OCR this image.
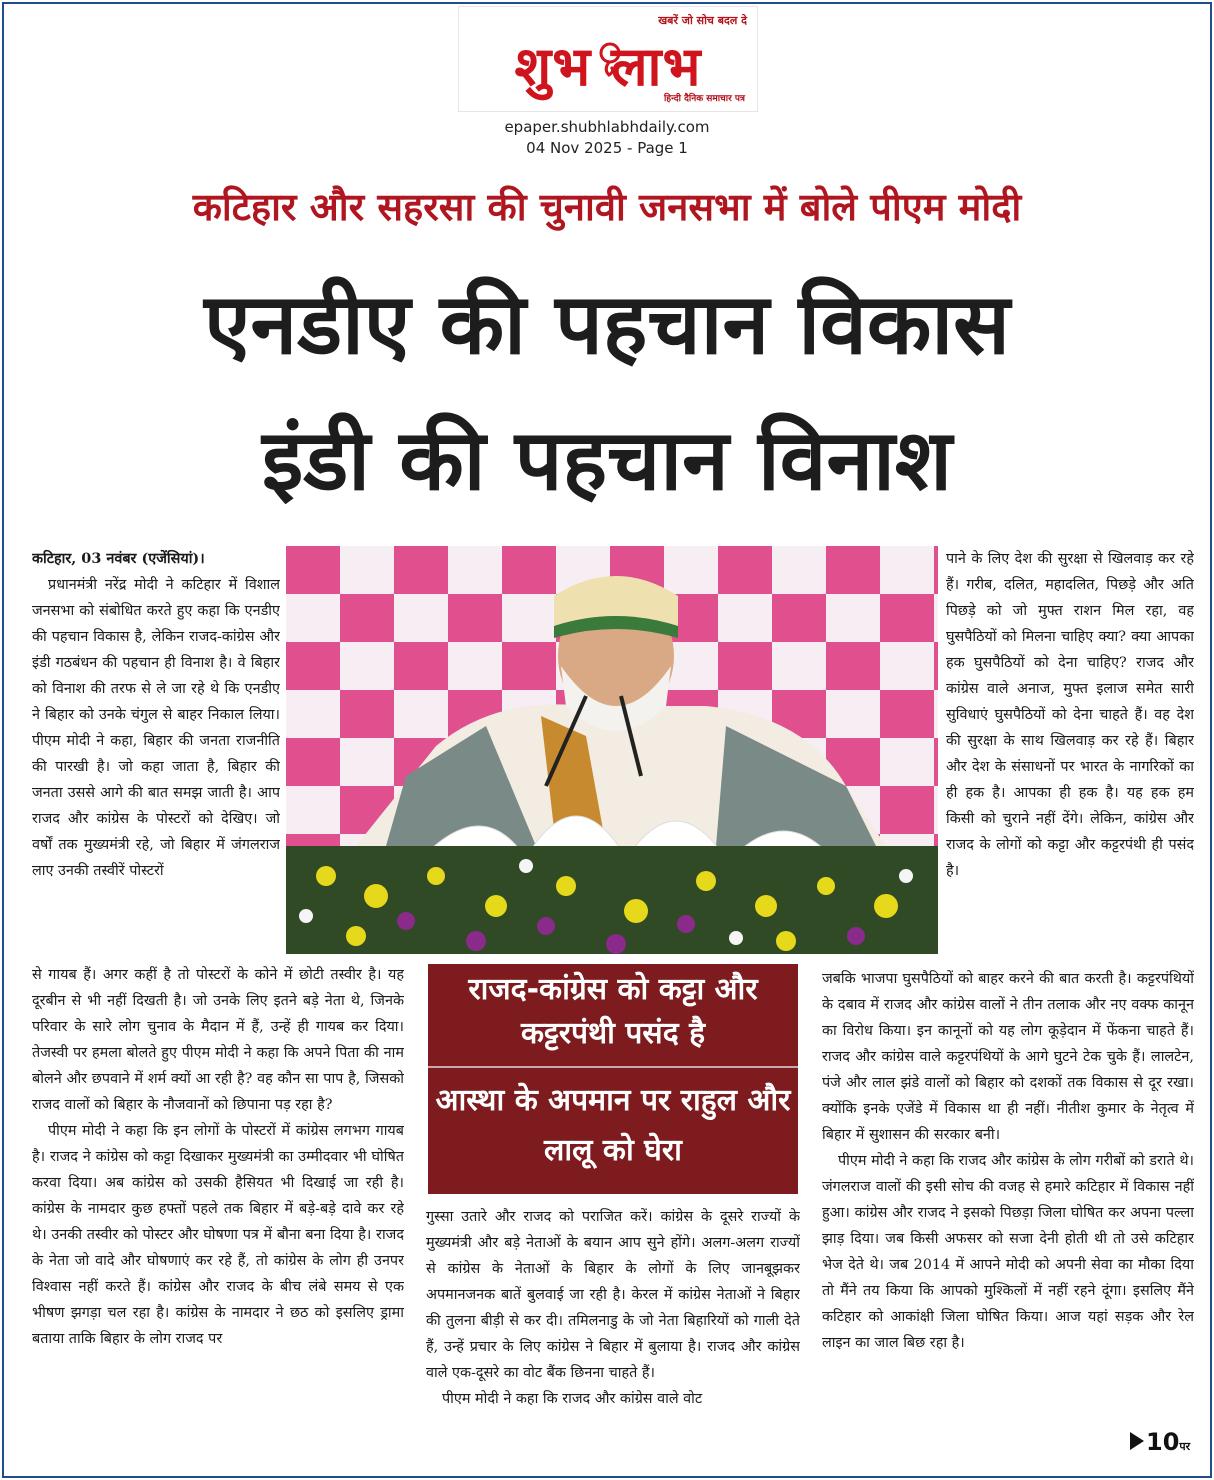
खबरें जो सोच बदल दे
शुभ लाभ
हिन्दी दैनिक समाचार पत्र
epaper.shubhlabhdaily.com
04 Nov 2025 - Page 1
कटिहार और सहरसा की चुनावी जनसभा में बोले पीएम मोदी
एनडीए की पहचान विकास
इंडी की पहचान विनाश

कटिहार, 03 नवंबर (एजेंसियां)।

प्रधानमंत्री नरेंद्र मोदी ने कटिहार में विशाल जनसभा को संबोधित करते हुए कहा कि एनडीए की पहचान विकास है, लेकिन राजद-कांग्रेस और इंडी गठबंधन की पहचान ही विनाश है। वे बिहार को विनाश की तरफ से ले जा रहे थे कि एनडीए ने बिहार को उनके चंगुल से बाहर निकाल लिया। पीएम मोदी ने कहा, बिहार की जनता राजनीति की पारखी है। जो कहा जाता है, बिहार की जनता उससे आगे की बात समझ जाती है। आप राजद और कांग्रेस के पोस्टरों को देखिए। जो वर्षों तक मुख्यमंत्री रहे, जो बिहार में जंगलराज लाए उनकी तस्वीरें पोस्टरों

पाने के लिए देश की सुरक्षा से खिलवाड़ कर रहे हैं। गरीब, दलित, महादलित, पिछड़े और अति पिछड़े को जो मुफ्त राशन मिल रहा, वह घुसपैठियों को मिलना चाहिए क्या? क्या आपका हक घुसपैठियों को देना चाहिए? राजद और कांग्रेस वाले अनाज, मुफ्त इलाज समेत सारी सुविधाएं घुसपैठियों को देना चाहते हैं। वह देश की सुरक्षा के साथ खिलवाड़ कर रहे हैं। बिहार और देश के संसाधनों पर भारत के नागरिकों का ही हक है। आपका ही हक है। यह हक हम किसी को चुराने नहीं देंगे। लेकिन, कांग्रेस और राजद के लोगों को कट्टा और कट्टरपंथी ही पसंद है।

से गायब हैं। अगर कहीं है तो पोस्टरों के कोने में छोटी तस्वीर है। यह दूरबीन से भी नहीं दिखती है। जो उनके लिए इतने बड़े नेता थे, जिनके परिवार के सारे लोग चुनाव के मैदान में हैं, उन्हें ही गायब कर दिया। तेजस्वी पर हमला बोलते हुए पीएम मोदी ने कहा कि अपने पिता की नाम बोलने और छपवाने में शर्म क्यों आ रही है? वह कौन सा पाप है, जिसको राजद वालों को बिहार के नौजवानों को छिपाना पड़ रहा है?

पीएम मोदी ने कहा कि इन लोगों के पोस्टरों में कांग्रेस लगभग गायब है। राजद ने कांग्रेस को कट्टा दिखाकर मुख्यमंत्री का उम्मीदवार भी घोषित करवा दिया। अब कांग्रेस को उसकी हैसियत भी दिखाई जा रही है। कांग्रेस के नामदार कुछ हफ्तों पहले तक बिहार में बड़े-बड़े दावे कर रहे थे। उनकी तस्वीर को पोस्टर और घोषणा पत्र में बौना बना दिया है। राजद के नेता जो वादे और घोषणाएं कर रहे हैं, तो कांग्रेस के लोग ही उनपर विश्वास नहीं करते हैं। कांग्रेस और राजद के बीच लंबे समय से एक भीषण झगड़ा चल रहा है। कांग्रेस के नामदार ने छठ को इसलिए ड्रामा बताया ताकि बिहार के लोग राजद पर

राजद-कांग्रेस को कट्टा और कट्टरपंथी पसंद है
आस्था के अपमान पर राहुल और लालू को घेरा

गुस्सा उतारे और राजद को पराजित करें। कांग्रेस के दूसरे राज्यों के मुख्यमंत्री और बड़े नेताओं के बयान आप सुने होंगे। अलग-अलग राज्यों से कांग्रेस के नेताओं के बिहार के लोगों के लिए जानबूझकर अपमानजनक बातें बुलवाई जा रही है। केरल में कांग्रेस नेताओं ने बिहार की तुलना बीड़ी से कर दी। तमिलनाडु के जो नेता बिहारियों को गाली देते हैं, उन्हें प्रचार के लिए कांग्रेस ने बिहार में बुलाया है। राजद और कांग्रेस वाले एक-दूसरे का वोट बैंक छिनना चाहते हैं।

पीएम मोदी ने कहा कि राजद और कांग्रेस वाले वोट

जबकि भाजपा घुसपैठियों को बाहर करने की बात करती है। कट्टरपंथियों के दबाव में राजद और कांग्रेस वालों ने तीन तलाक और नए वक्फ कानून का विरोध किया। इन कानूनों को यह लोग कूड़ेदान में फेंकना चाहते हैं। राजद और कांग्रेस वाले कट्टरपंथियों के आगे घुटने टेक चुके हैं। लालटेन, पंजे और लाल झंडे वालों को बिहार को दशकों तक विकास से दूर रखा। क्योंकि इनके एजेंडे में विकास था ही नहीं। नीतीश कुमार के नेतृत्व में बिहार में सुशासन की सरकार बनी।

पीएम मोदी ने कहा कि राजद और कांग्रेस के लोग गरीबों को डराते थे। जंगलराज वालों की इसी सोच की वजह से हमारे कटिहार में विकास नहीं हुआ। कांग्रेस और राजद ने इसको पिछड़ा जिला घोषित कर अपना पल्ला झाड़ दिया। जब किसी अफसर को सजा देनी होती थी तो उसे कटिहार भेज देते थे। जब 2014 में आपने मोदी को अपनी सेवा का मौका दिया तो मैंने तय किया कि आपको मुश्किलों में नहीं रहने दूंगा। इसलिए मैंने कटिहार को आकांक्षी जिला घोषित किया। आज यहां सड़क और रेल लाइन का जाल बिछ रहा है।

10पर
